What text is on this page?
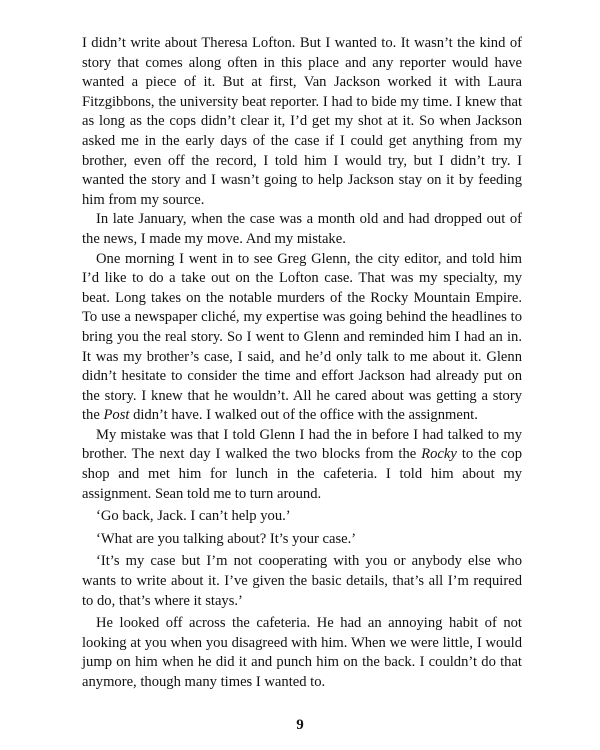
I didn’t write about Theresa Lofton. But I wanted to. It wasn’t the kind of story that comes along often in this place and any reporter would have wanted a piece of it. But at first, Van Jackson worked it with Laura Fitzgibbons, the university beat reporter. I had to bide my time. I knew that as long as the cops didn’t clear it, I’d get my shot at it. So when Jackson asked me in the early days of the case if I could get anything from my brother, even off the record, I told him I would try, but I didn’t try. I wanted the story and I wasn’t going to help Jackson stay on it by feeding him from my source.

In late January, when the case was a month old and had dropped out of the news, I made my move. And my mistake.

One morning I went in to see Greg Glenn, the city editor, and told him I’d like to do a take out on the Lofton case. That was my specialty, my beat. Long takes on the notable murders of the Rocky Mountain Empire. To use a newspaper cliché, my expertise was going behind the headlines to bring you the real story. So I went to Glenn and reminded him I had an in. It was my brother’s case, I said, and he’d only talk to me about it. Glenn didn’t hesitate to consider the time and effort Jackson had already put on the story. I knew that he wouldn’t. All he cared about was getting a story the Post didn’t have. I walked out of the office with the assignment.

My mistake was that I told Glenn I had the in before I had talked to my brother. The next day I walked the two blocks from the Rocky to the cop shop and met him for lunch in the cafeteria. I told him about my assignment. Sean told me to turn around.

‘Go back, Jack. I can’t help you.’

‘What are you talking about? It’s your case.’

‘It’s my case but I’m not cooperating with you or anybody else who wants to write about it. I’ve given the basic details, that’s all I’m required to do, that’s where it stays.’

He looked off across the cafeteria. He had an annoying habit of not looking at you when you disagreed with him. When we were little, I would jump on him when he did it and punch him on the back. I couldn’t do that anymore, though many times I wanted to.

9
